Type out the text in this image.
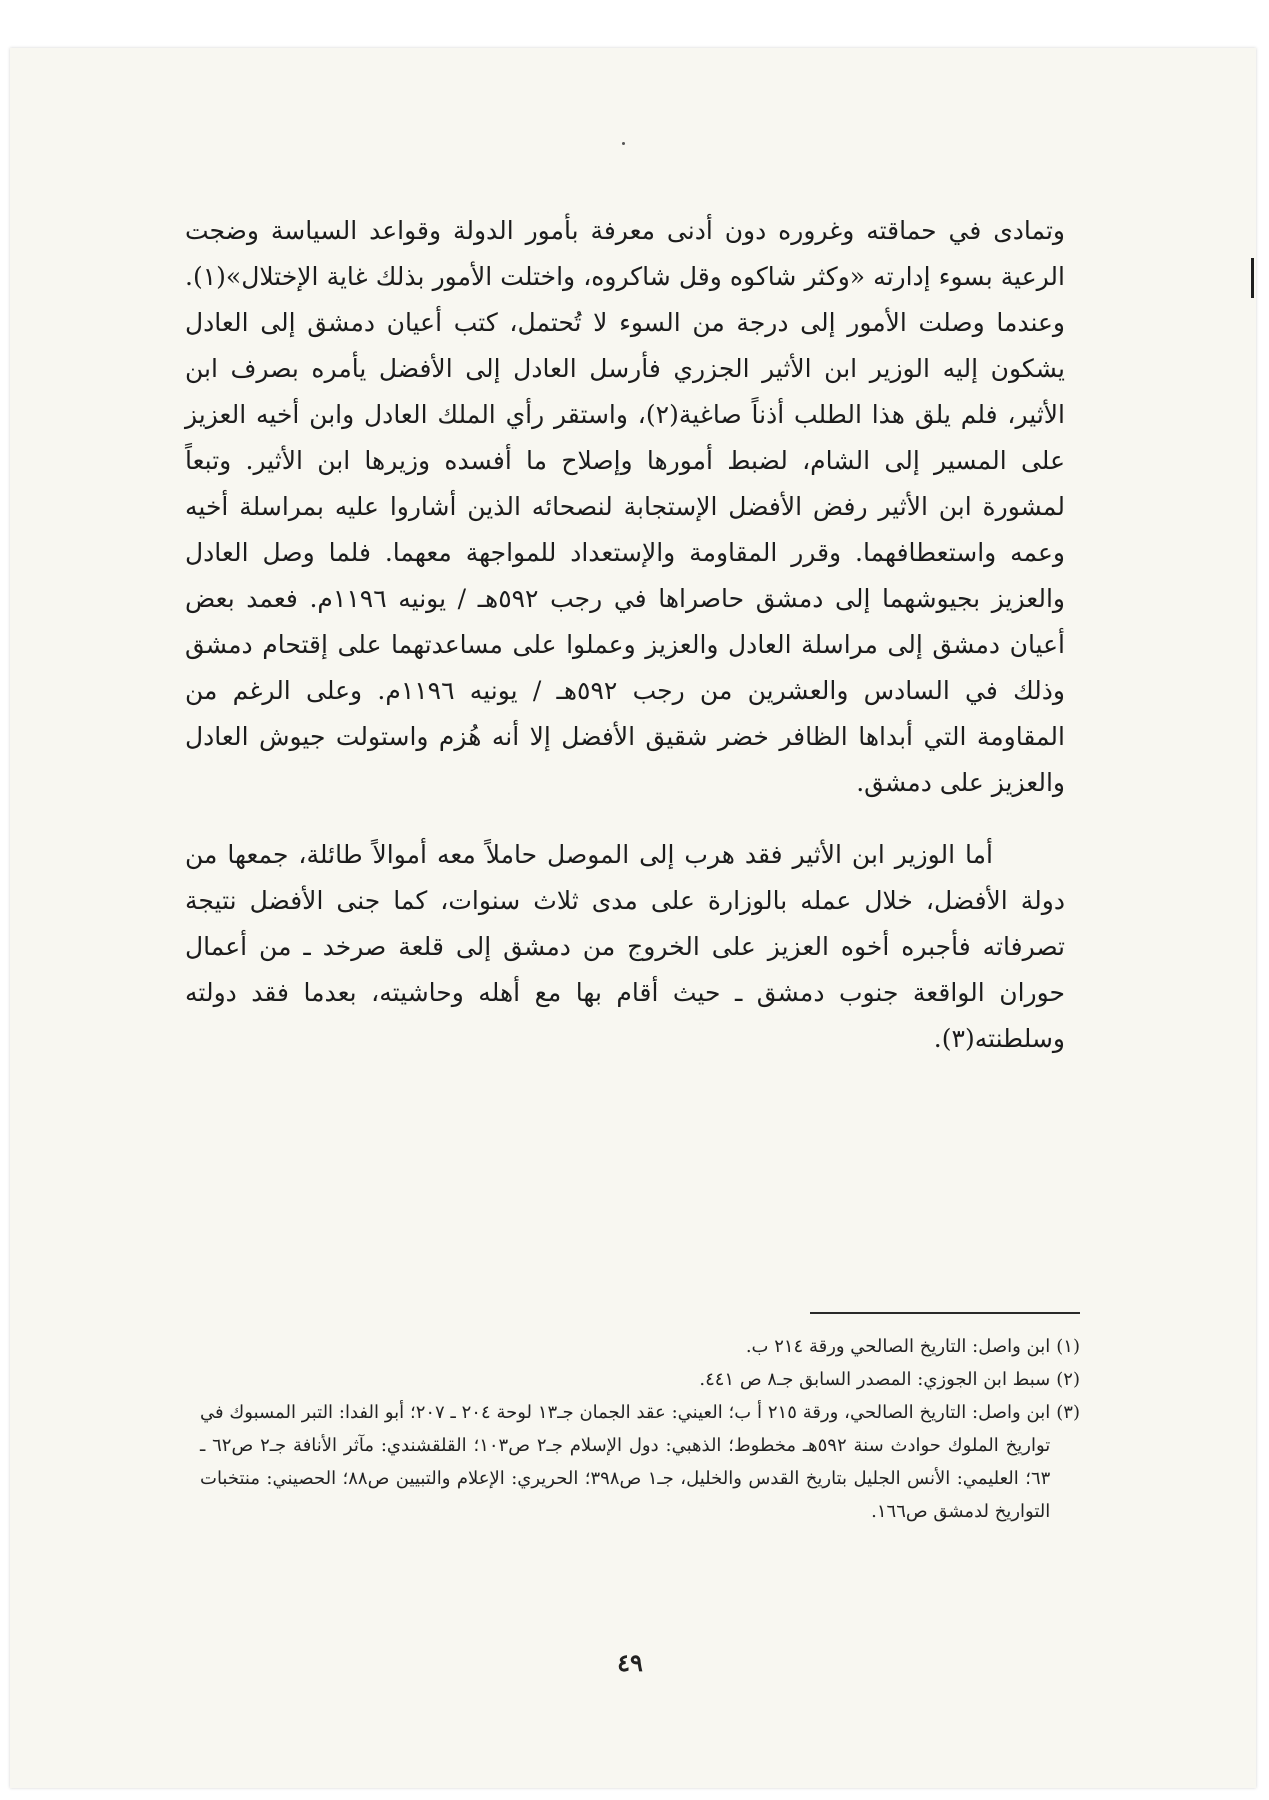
وتمادى في حماقته وغروره دون أدنى معرفة بأمور الدولة وقواعد السياسة وضجت الرعية بسوء إدارته «وكثر شاكوه وقل شاكروه، واختلت الأمور بذلك غاية الإختلال»(١). وعندما وصلت الأمور إلى درجة من السوء لا تُحتمل، كتب أعيان دمشق إلى العادل يشكون إليه الوزير ابن الأثير الجزري فأرسل العادل إلى الأفضل يأمره بصرف ابن الأثير، فلم يلق هذا الطلب أذناً صاغية(٢)، واستقر رأي الملك العادل وابن أخيه العزيز على المسير إلى الشام، لضبط أمورها وإصلاح ما أفسده وزيرها ابن الأثير. وتبعاً لمشورة ابن الأثير رفض الأفضل الإستجابة لنصحائه الذين أشاروا عليه بمراسلة أخيه وعمه واستعطافهما. وقرر المقاومة والإستعداد للمواجهة معهما. فلما وصل العادل والعزيز بجيوشهما إلى دمشق حاصراها في رجب ٥٩٢هـ / يونيه ١١٩٦م. فعمد بعض أعيان دمشق إلى مراسلة العادل والعزيز وعملوا على مساعدتهما على إقتحام دمشق وذلك في السادس والعشرين من رجب ٥٩٢هـ / يونيه ١١٩٦م. وعلى الرغم من المقاومة التي أبداها الظافر خضر شقيق الأفضل إلا أنه هُزم واستولت جيوش العادل والعزيز على دمشق.

أما الوزير ابن الأثير فقد هرب إلى الموصل حاملاً معه أموالاً طائلة، جمعها من دولة الأفضل، خلال عمله بالوزارة على مدى ثلاث سنوات، كما جنى الأفضل نتيجة تصرفاته فأجبره أخوه العزيز على الخروج من دمشق إلى قلعة صرخد ـ من أعمال حوران الواقعة جنوب دمشق ـ حيث أقام بها مع أهله وحاشيته، بعدما فقد دولته وسلطنته(٣).

(١)
ابن واصل: التاريخ الصالحي ورقة ٢١٤ ب.
(٢)
سبط ابن الجوزي: المصدر السابق جـ٨ ص ٤٤١.
(٣)
ابن واصل: التاريخ الصالحي، ورقة ٢١٥ أ ب؛ العيني: عقد الجمان جـ١٣ لوحة ٢٠٤ ـ ٢٠٧؛ أبو الفدا: التبر المسبوك في تواريخ الملوك حوادث سنة ٥٩٢هـ مخطوط؛ الذهبي: دول الإسلام جـ٢ ص١٠٣؛ القلقشندي: مآثر الأنافة جـ٢ ص٦٢ ـ ٦٣؛ العليمي: الأنس الجليل بتاريخ القدس والخليل، جـ١ ص٣٩٨؛ الحريري: الإعلام والتبيين ص٨٨؛ الحصيني: منتخبات التواريخ لدمشق ص١٦٦.
٤٩
